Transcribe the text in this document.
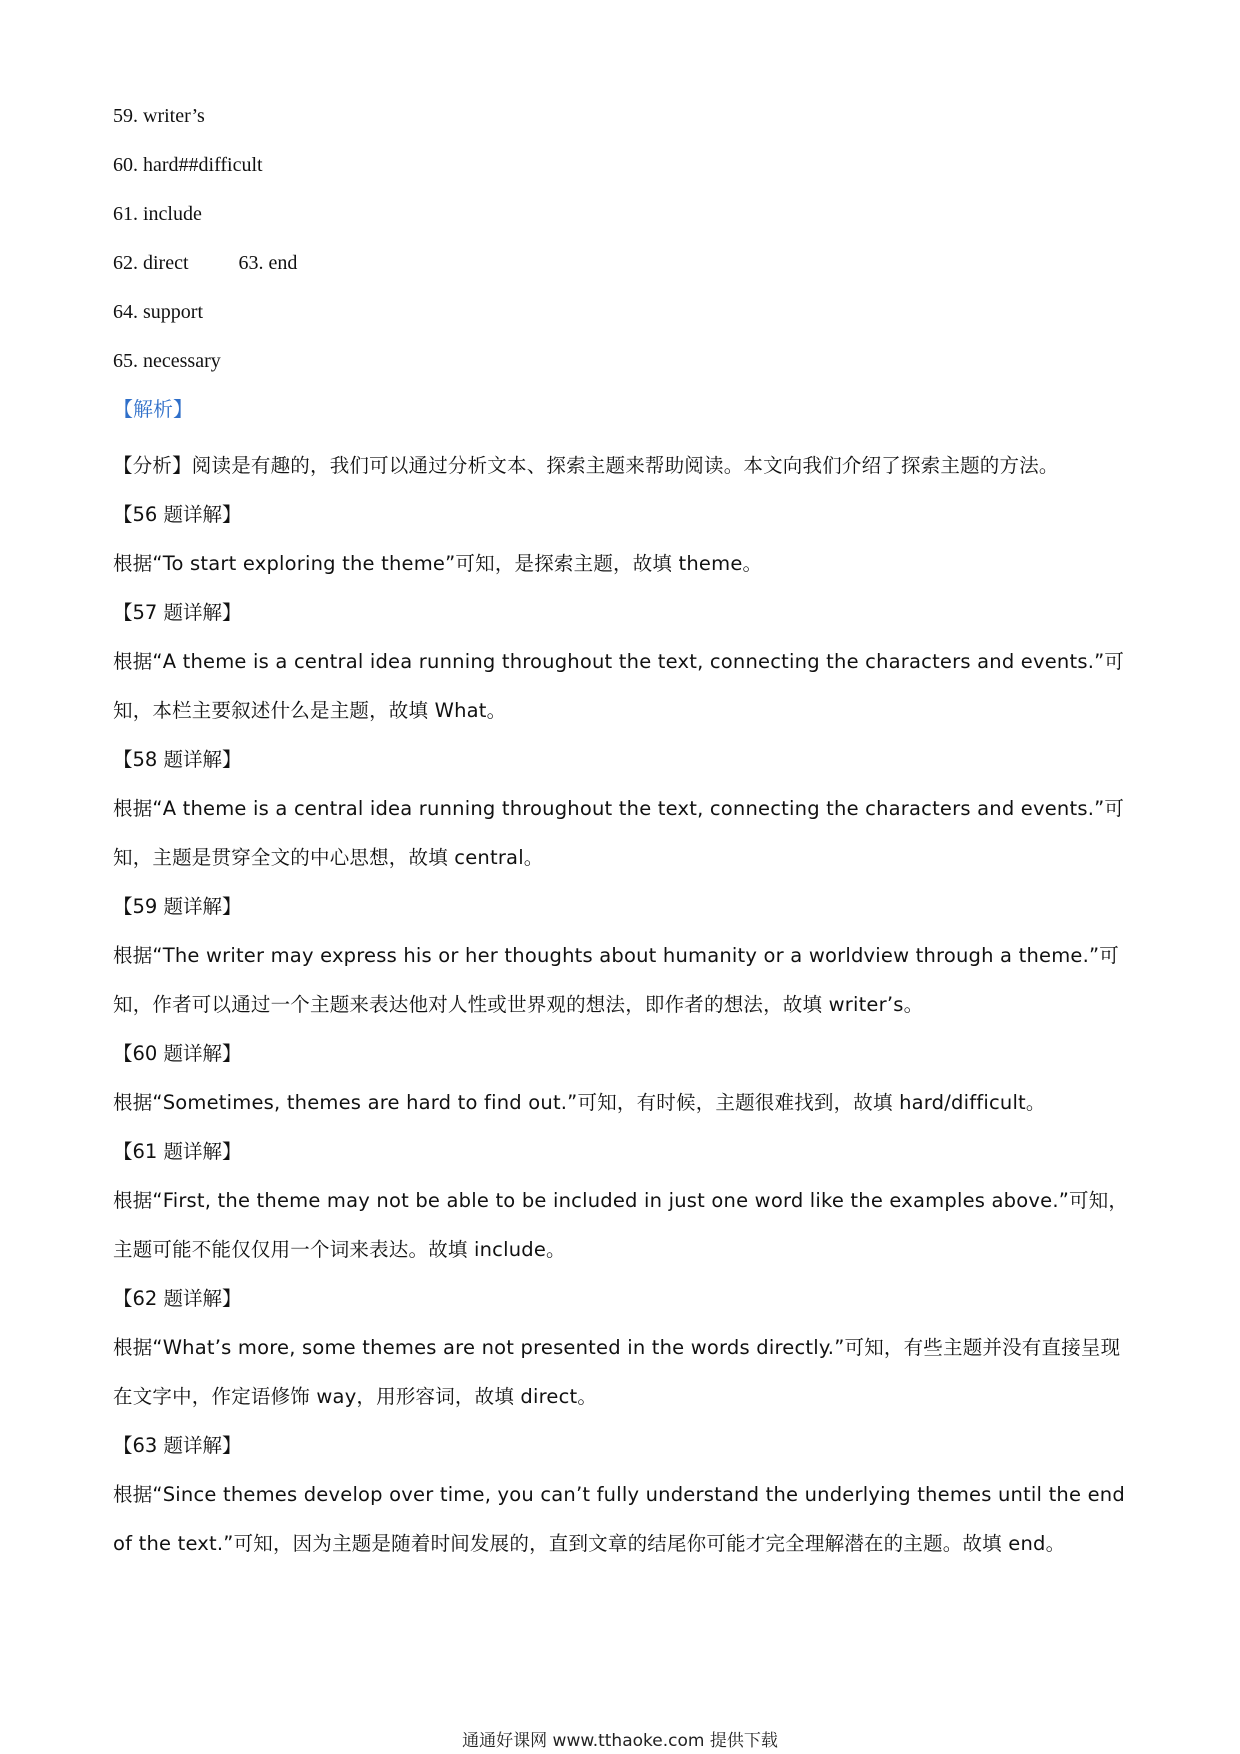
59. writer’s
60. hard##difficult
61. include
62. direct	63. end
64. support
65. necessary
【解析】
【分析】阅读是有趣的，我们可以通过分析文本、探索主题来帮助阅读。本文向我们介绍了探索主题的方法。
【56 题详解】
根据“To start exploring the theme”可知，是探索主题，故填 theme。
【57 题详解】
根据“A theme is a central idea running throughout the text, connecting the characters and events.”可知，本栏主要叙述什么是主题，故填 What。
【58 题详解】
根据“A theme is a central idea running throughout the text, connecting the characters and events.”可知，主题是贯穿全文的中心思想，故填 central。
【59 题详解】
根据“The writer may express his or her thoughts about humanity or a worldview through a theme.”可知，作者可以通过一个主题来表达他对人性或世界观的想法，即作者的想法，故填 writer’s。
【60 题详解】
根据“Sometimes, themes are hard to find out.”可知，有时候，主题很难找到，故填 hard/difficult。
【61 题详解】
根据“First, the theme may not be able to be included in just one word like the examples above.”可知，主题可能不能仅仅用一个词来表达。故填 include。
【62 题详解】
根据“What’s more, some themes are not presented in the words directly.”可知，有些主题并没有直接呈现在文字中，作定语修饰 way，用形容词，故填 direct。
【63 题详解】
根据“Since themes develop over time, you can’t fully understand the underlying themes until the end of the text.”可知，因为主题是随着时间发展的，直到文章的结尾你可能才完全理解潜在的主题。故填 end。
通通好课网 www.tthaoke.com 提供下载
